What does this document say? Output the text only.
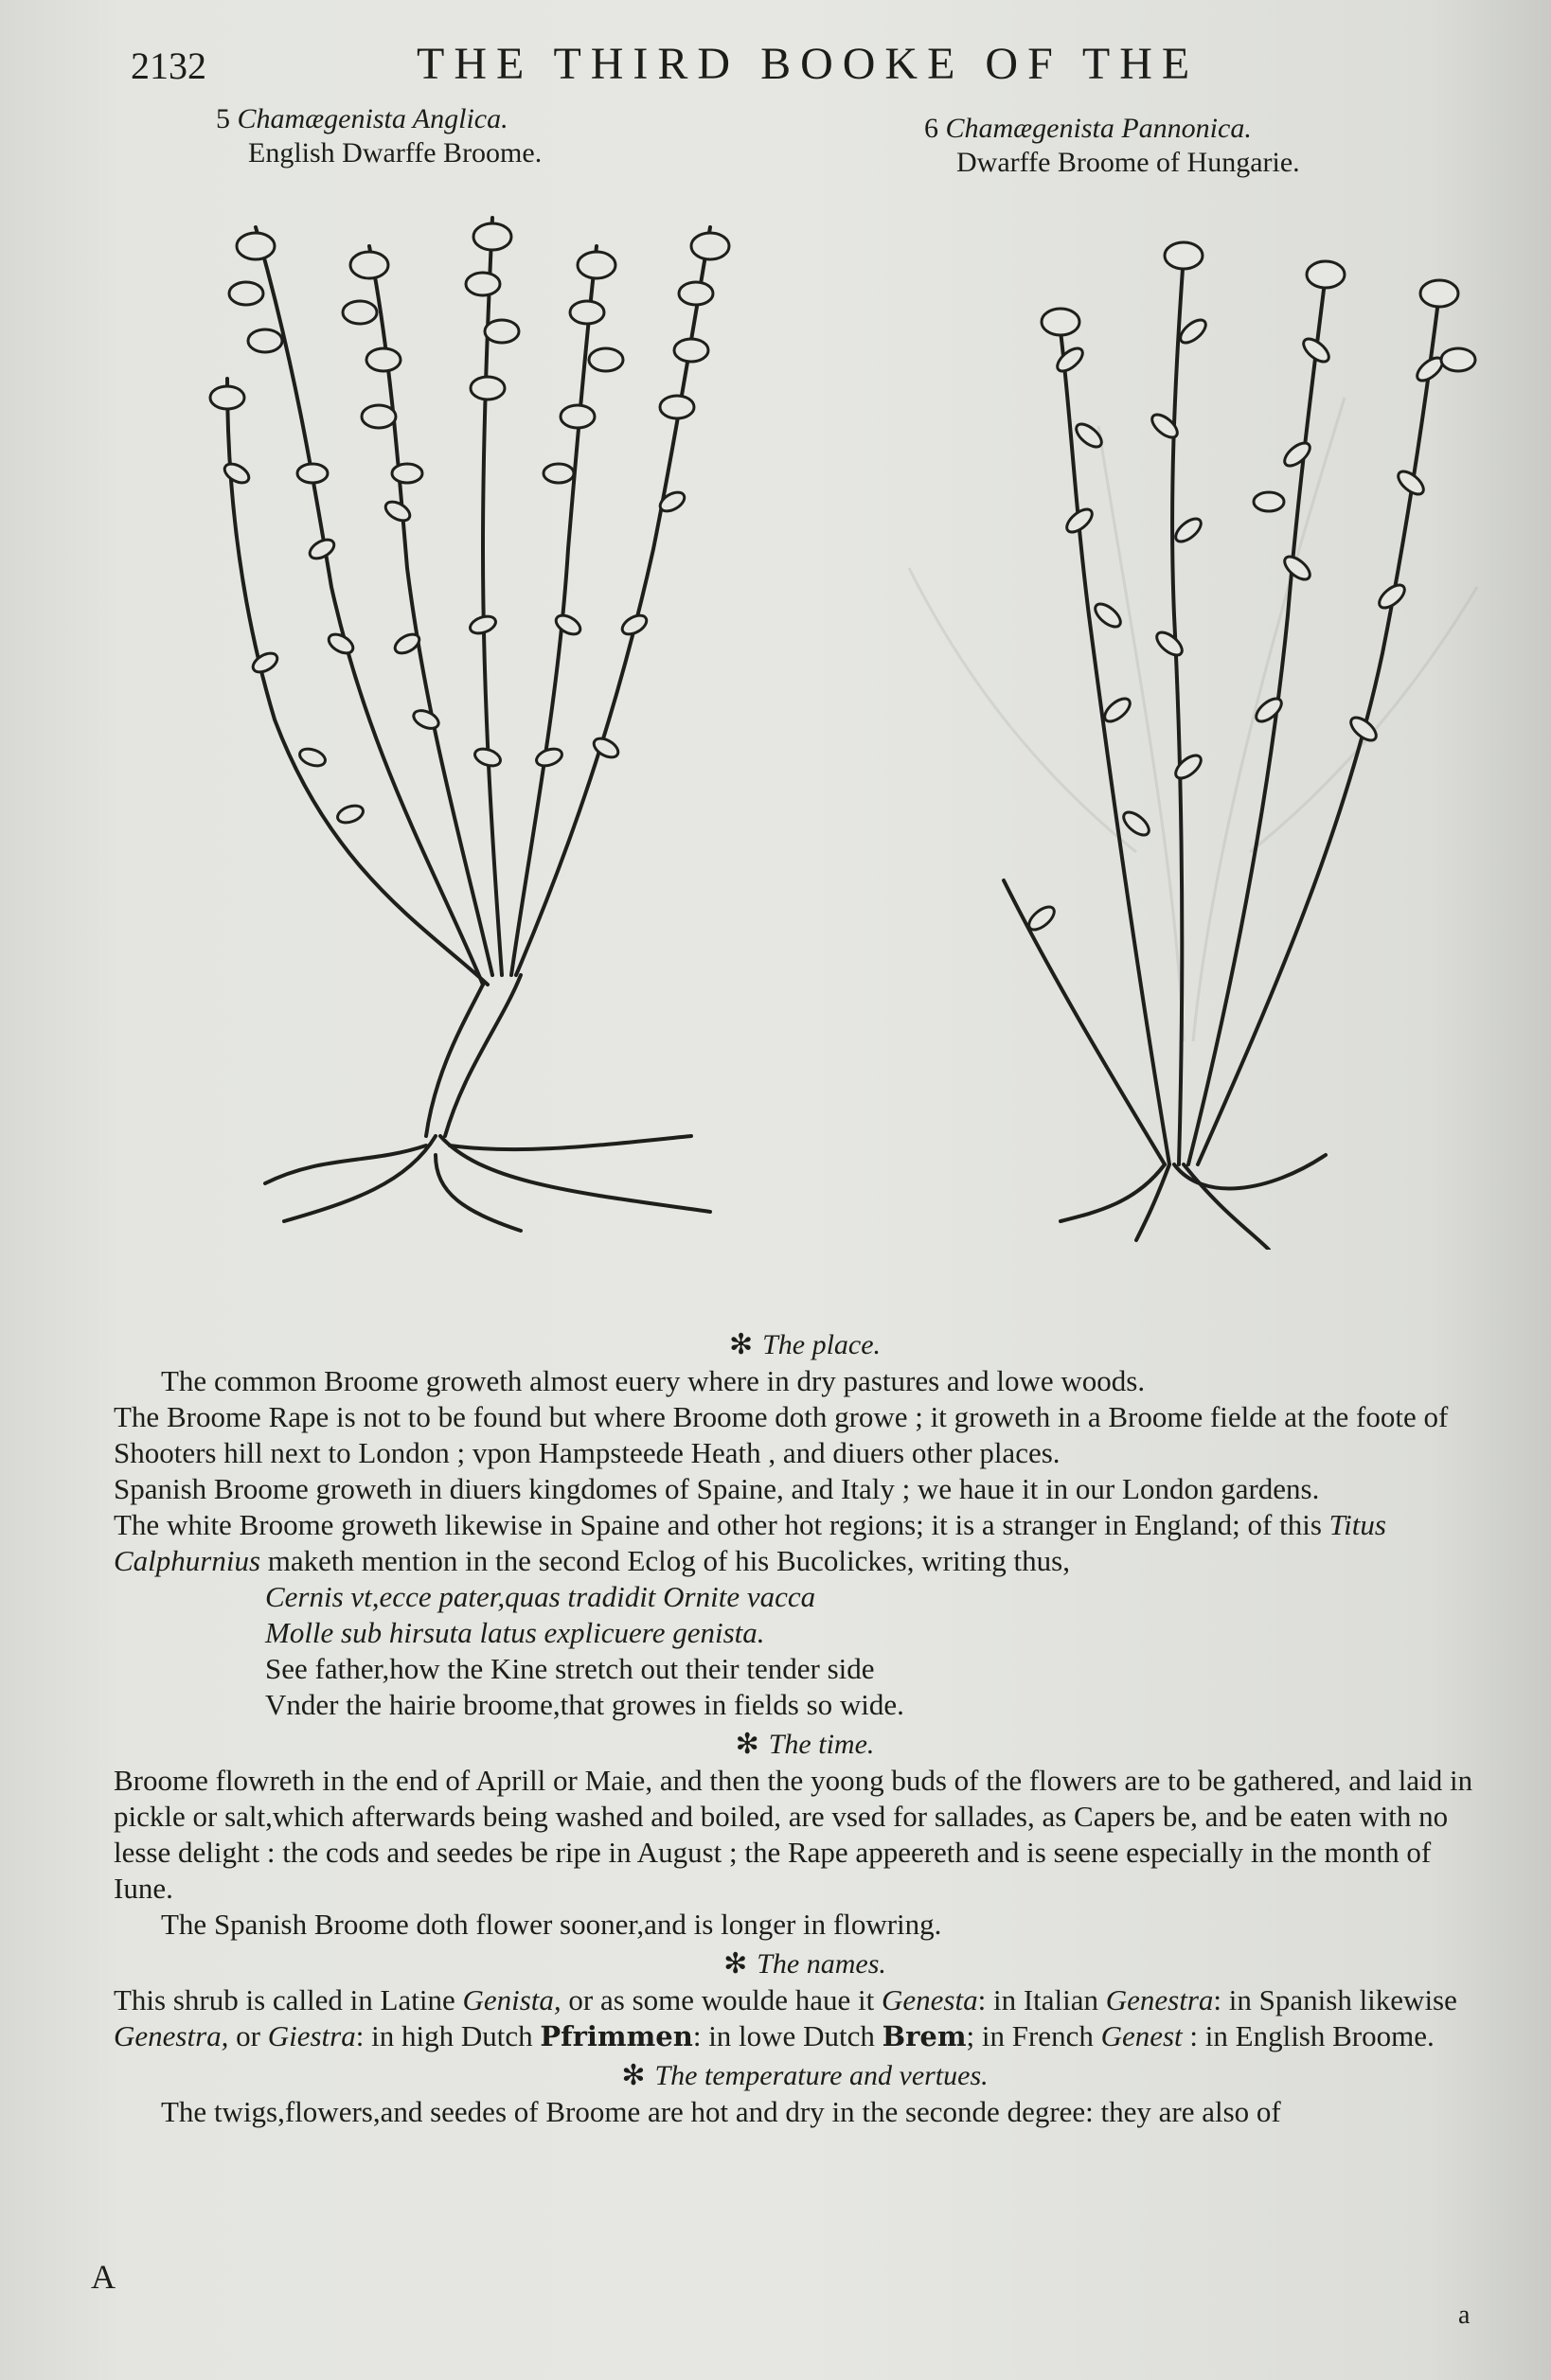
2132	THE THIRD BOOKE OF THE
5 Chamægenista Anglica.
English Dwarffe Broome.
6 Chamægenista Pannonica.
Dwarffe Broome of Hungarie.
✻ The place.

The common Broome groweth almost euery where in dry pastures and lowe woods.

The Broome Rape is not to be found but where Broome doth growe ; it groweth in a Broome fielde at the foote of Shooters hill next to London ; vpon Hampsteede Heath , and diuers other places.

Spanish Broome groweth in diuers kingdomes of Spaine, and Italy ; we haue it in our London gardens.

The white Broome groweth likewise in Spaine and other hot regions; it is a stranger in England; of this Titus Calphurnius maketh mention in the second Eclog of his Bucolickes, writing thus,

Cernis vt,ecce pater,quas tradidit Ornite vacca

Molle sub hirsuta latus explicuere genista.

See father,how the Kine stretch out their tender side

Vnder the hairie broome,that growes in fields so wide.

✻ The time.

Broome flowreth in the end of Aprill or Maie, and then the yoong buds of the flowers are to be gathered, and laid in pickle or salt,which afterwards being washed and boiled, are vsed for sallades, as Capers be, and be eaten with no lesse delight : the cods and seedes be ripe in August ; the Rape appeereth and is seene especially in the month of Iune.

The Spanish Broome doth flower sooner,and is longer in flowring.

✻ The names.

This shrub is called in Latine Genista, or as some woulde haue it Genesta: in Italian Genestra: in Spanish likewise Genestra, or Giestra: in high Dutch Pfrimmen: in lowe Dutch Brem; in French Genest : in English Broome.

✻ The temperature and vertues.

The twigs,flowers,and seedes of Broome are hot and dry in the seconde degree: they are also of

A
a
